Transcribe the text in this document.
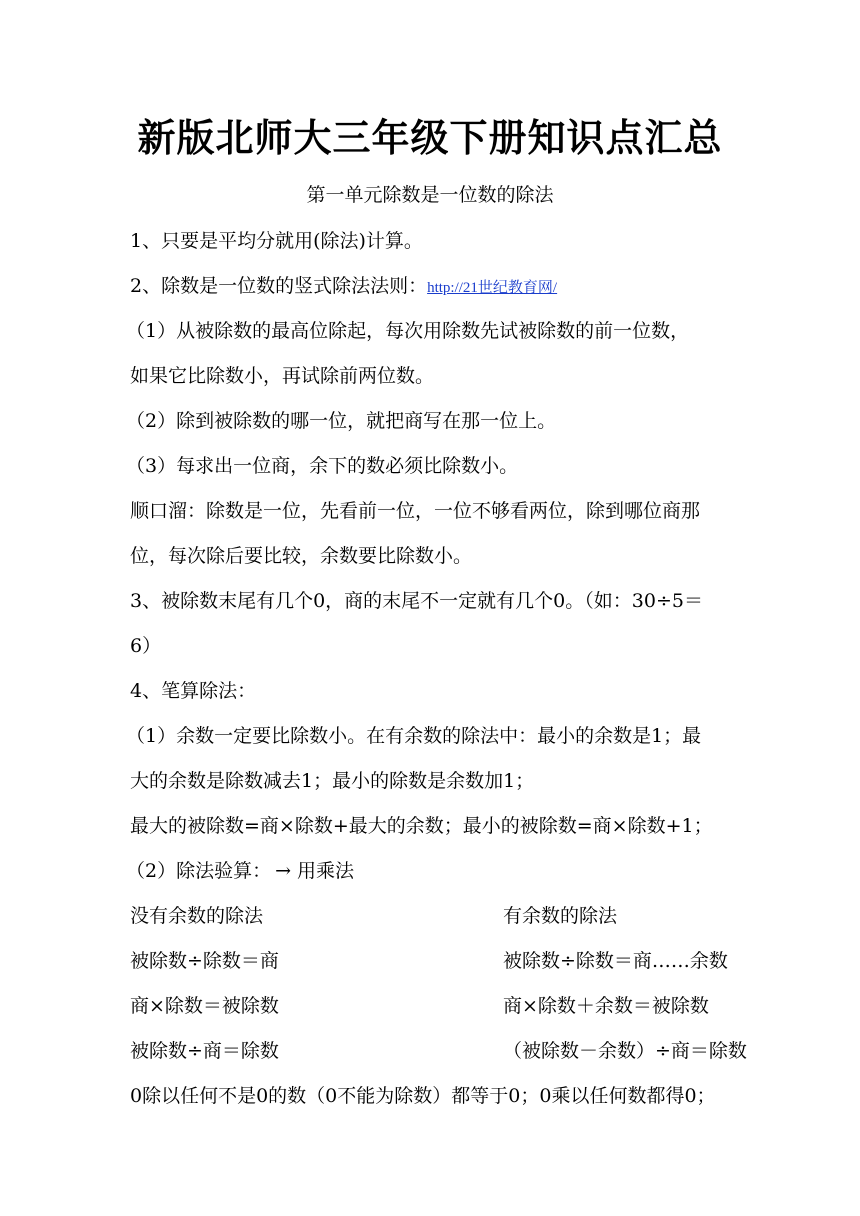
新版北师大三年级下册知识点汇总

第一单元除数是一位数的除法

1、只要是平均分就用(除法)计算。

2、除数是一位数的竖式除法法则：http://21世纪教育网/

（1）从被除数的最高位除起，每次用除数先试被除数的前一位数，

如果它比除数小，再试除前两位数。

（2）除到被除数的哪一位，就把商写在那一位上。

（3）每求出一位商，余下的数必须比除数小。

顺口溜：除数是一位，先看前一位，一位不够看两位，除到哪位商那

位，每次除后要比较，余数要比除数小。

3、被除数末尾有几个0，商的末尾不一定就有几个0。（如：30÷5＝

6）

4、笔算除法：

（1）余数一定要比除数小。在有余数的除法中：最小的余数是1；最

大的余数是除数减去1；最小的除数是余数加1；

最大的被除数=商×除数+最大的余数；最小的被除数=商×除数+1；

（2）除法验算： → 用乘法

没有余数的除法	有余数的除法

被除数÷除数＝商	被除数÷除数＝商……余数

商×除数＝被除数	商×除数＋余数＝被除数

被除数÷商＝除数	（被除数－余数）÷商＝除数

0除以任何不是0的数（0不能为除数）都等于0；0乘以任何数都得0；
